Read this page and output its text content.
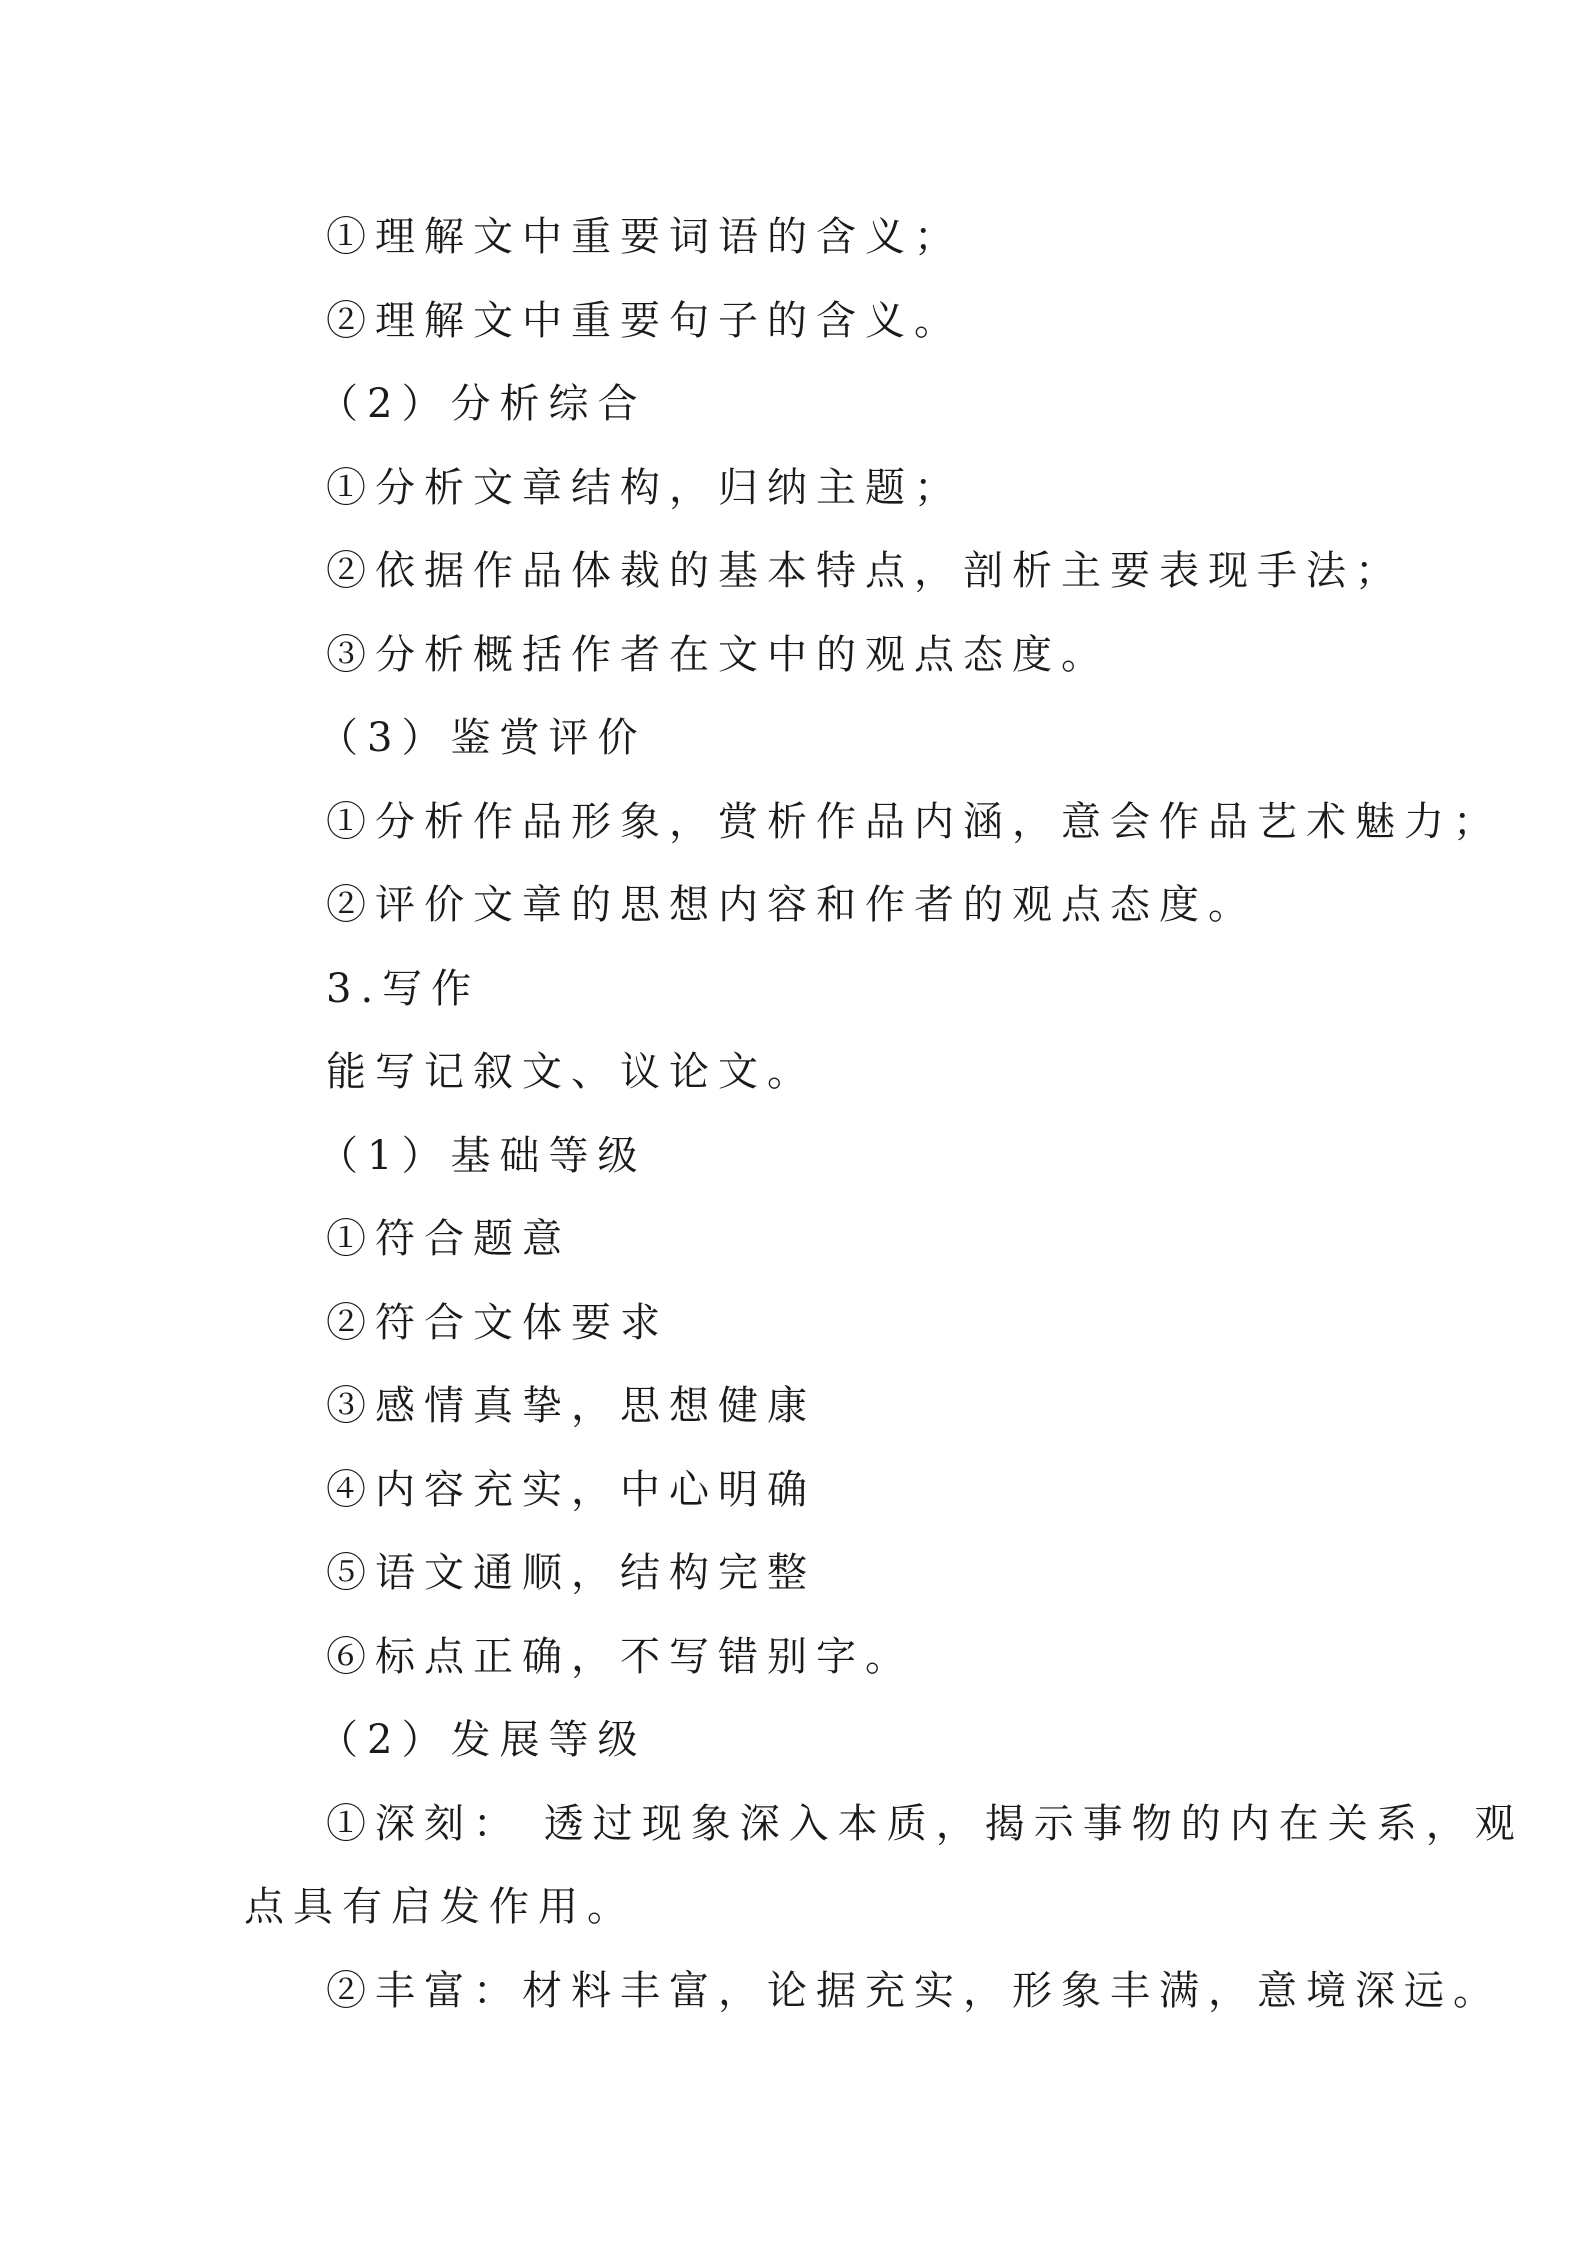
①理解文中重要词语的含义；
②理解文中重要句子的含义。
（2）分析综合
①分析文章结构，归纳主题；
②依据作品体裁的基本特点，剖析主要表现手法；
③分析概括作者在文中的观点态度。
（3）鉴赏评价
①分析作品形象，赏析作品内涵，意会作品艺术魅力；
②评价文章的思想内容和作者的观点态度。
3.写作
能写记叙文、议论文。
（1）基础等级
①符合题意
②符合文体要求
③感情真挚，思想健康
④内容充实，中心明确
⑤语文通顺，结构完整
⑥标点正确，不写错别字。
（2）发展等级
①深刻： 透过现象深入本质，揭示事物的内在关系，观
点具有启发作用。
②丰富：材料丰富，论据充实，形象丰满，意境深远。
